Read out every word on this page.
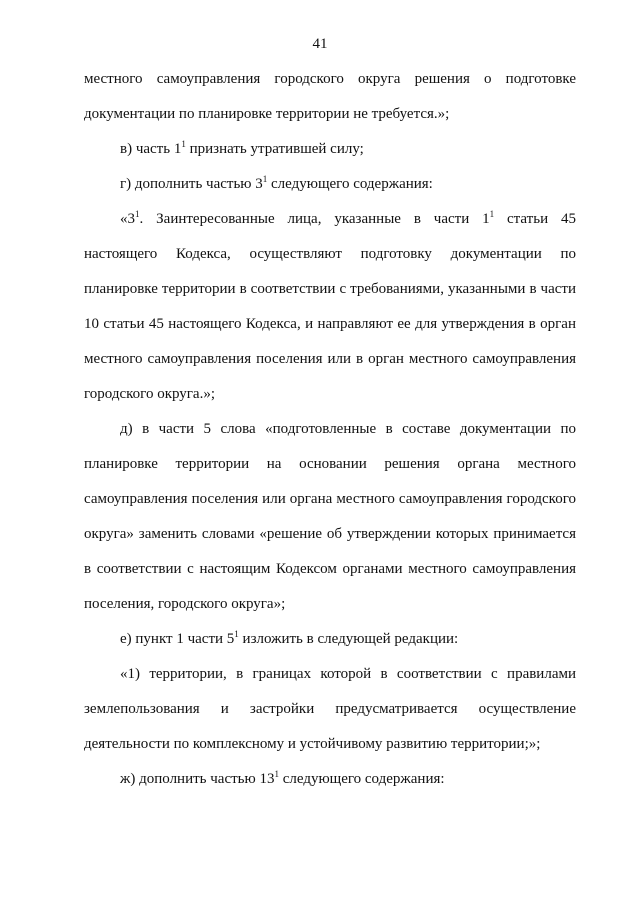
41
местного самоуправления городского округа решения о подготовке
документации по планировке территории не требуется.»;
в) часть $1^1$ признать утратившей силу;
г) дополнить частью $3^1$ следующего содержания:
«$3^1$. Заинтересованные лица, указанные в части $1^1$ статьи 45
настоящего Кодекса, осуществляют подготовку документации по
планировке территории в соответствии с требованиями, указанными в части
10 статьи 45 настоящего Кодекса, и направляют ее для утверждения в орган
местного самоуправления поселения или в орган местного самоуправления
городского округа.»;
д) в части 5 слова «подготовленные в составе документации по
планировке территории на основании решения органа местного
самоуправления поселения или органа местного самоуправления городского
округа» заменить словами «решение об утверждении которых принимается
в соответствии с настоящим Кодексом органами местного самоуправления
поселения, городского округа»;
е) пункт 1 части $5^1$ изложить в следующей редакции:
«1) территории, в границах которой в соответствии с правилами
землепользования и застройки предусматривается осуществление
деятельности по комплексному и устойчивому развитию территории;»;
ж) дополнить частью $13^1$ следующего содержания:
